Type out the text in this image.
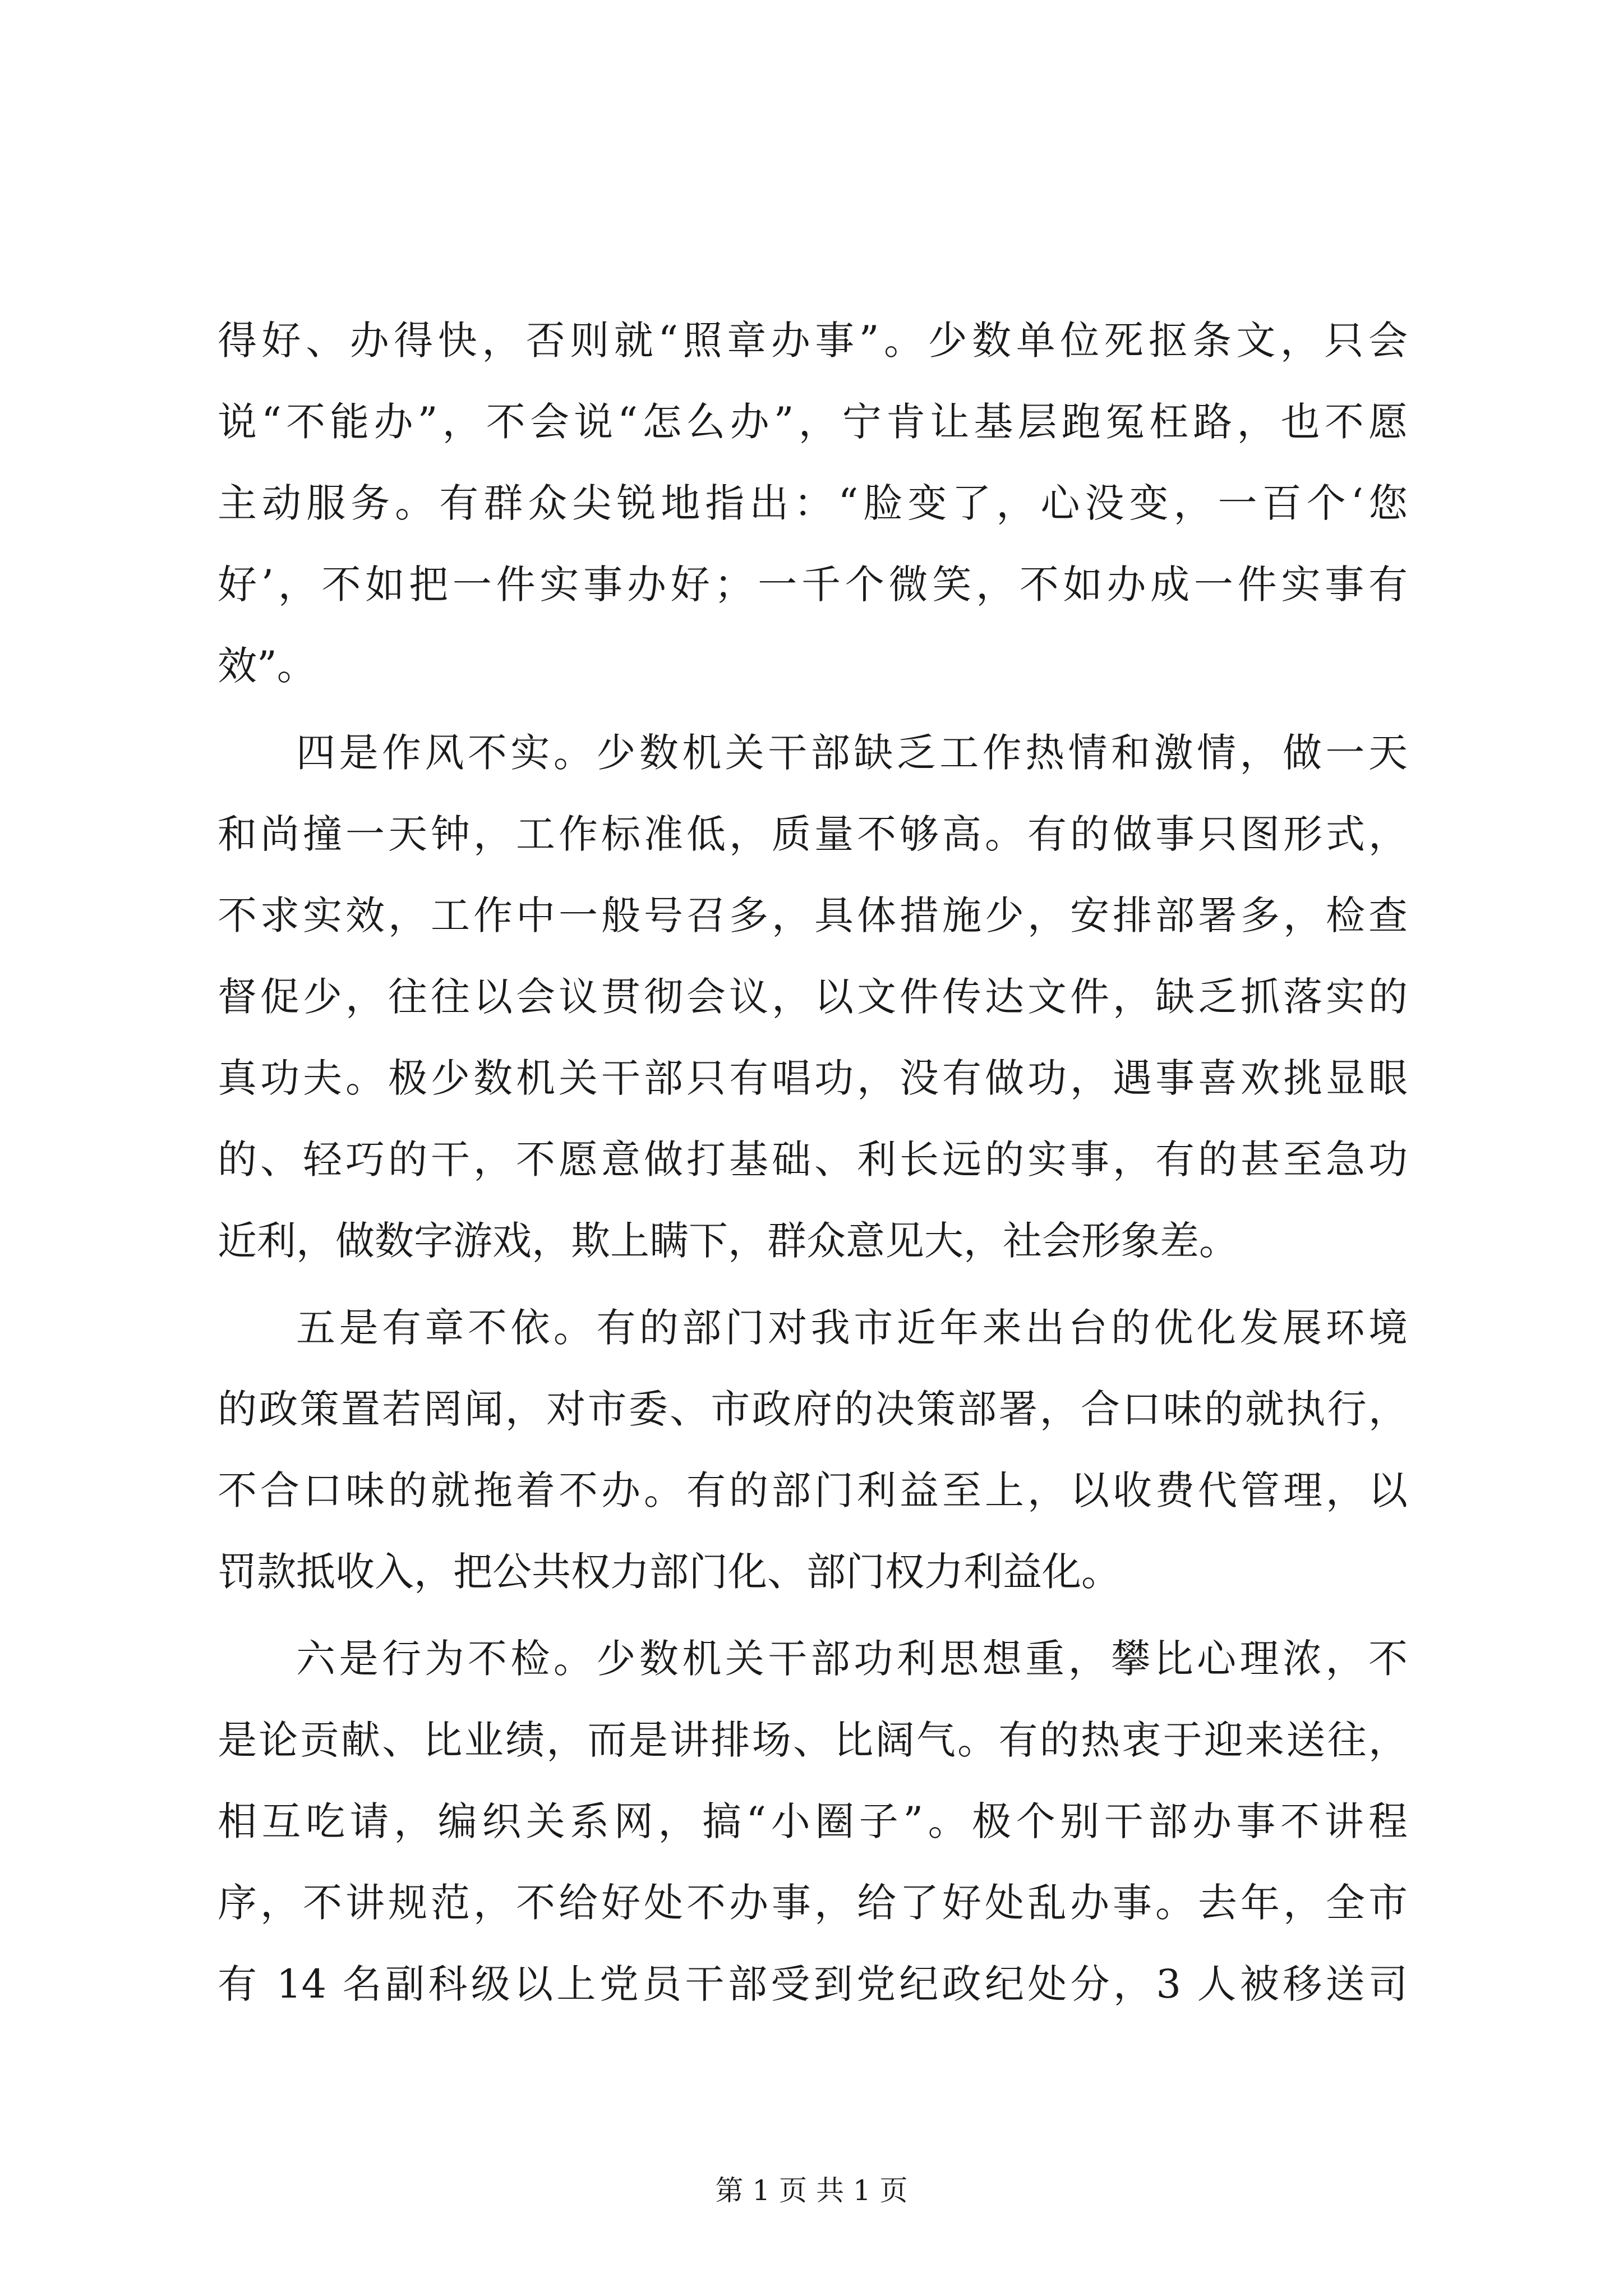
得好、办得快，否则就“照章办事”。少数单位死抠条文，只会
说“不能办”，不会说“怎么办”，宁肯让基层跑冤枉路，也不愿
主动服务。有群众尖锐地指出：“脸变了，心没变，一百个‘您
好’，不如把一件实事办好；一千个微笑，不如办成一件实事有
效”。
四是作风不实。少数机关干部缺乏工作热情和激情，做一天
和尚撞一天钟，工作标准低，质量不够高。有的做事只图形式，
不求实效，工作中一般号召多，具体措施少，安排部署多，检查
督促少，往往以会议贯彻会议，以文件传达文件，缺乏抓落实的
真功夫。极少数机关干部只有唱功，没有做功，遇事喜欢挑显眼
的、轻巧的干，不愿意做打基础、利长远的实事，有的甚至急功
近利，做数字游戏，欺上瞒下，群众意见大，社会形象差。
五是有章不依。有的部门对我市近年来出台的优化发展环境
的政策置若罔闻，对市委、市政府的决策部署，合口味的就执行，
不合口味的就拖着不办。有的部门利益至上，以收费代管理，以
罚款抵收入，把公共权力部门化、部门权力利益化。
六是行为不检。少数机关干部功利思想重，攀比心理浓，不
是论贡献、比业绩，而是讲排场、比阔气。有的热衷于迎来送往，
相互吃请，编织关系网，搞“小圈子”。极个别干部办事不讲程
序，不讲规范，不给好处不办事，给了好处乱办事。去年，全市
有 14 名副科级以上党员干部受到党纪政纪处分，3 人被移送司
第 1 页 共 1 页
